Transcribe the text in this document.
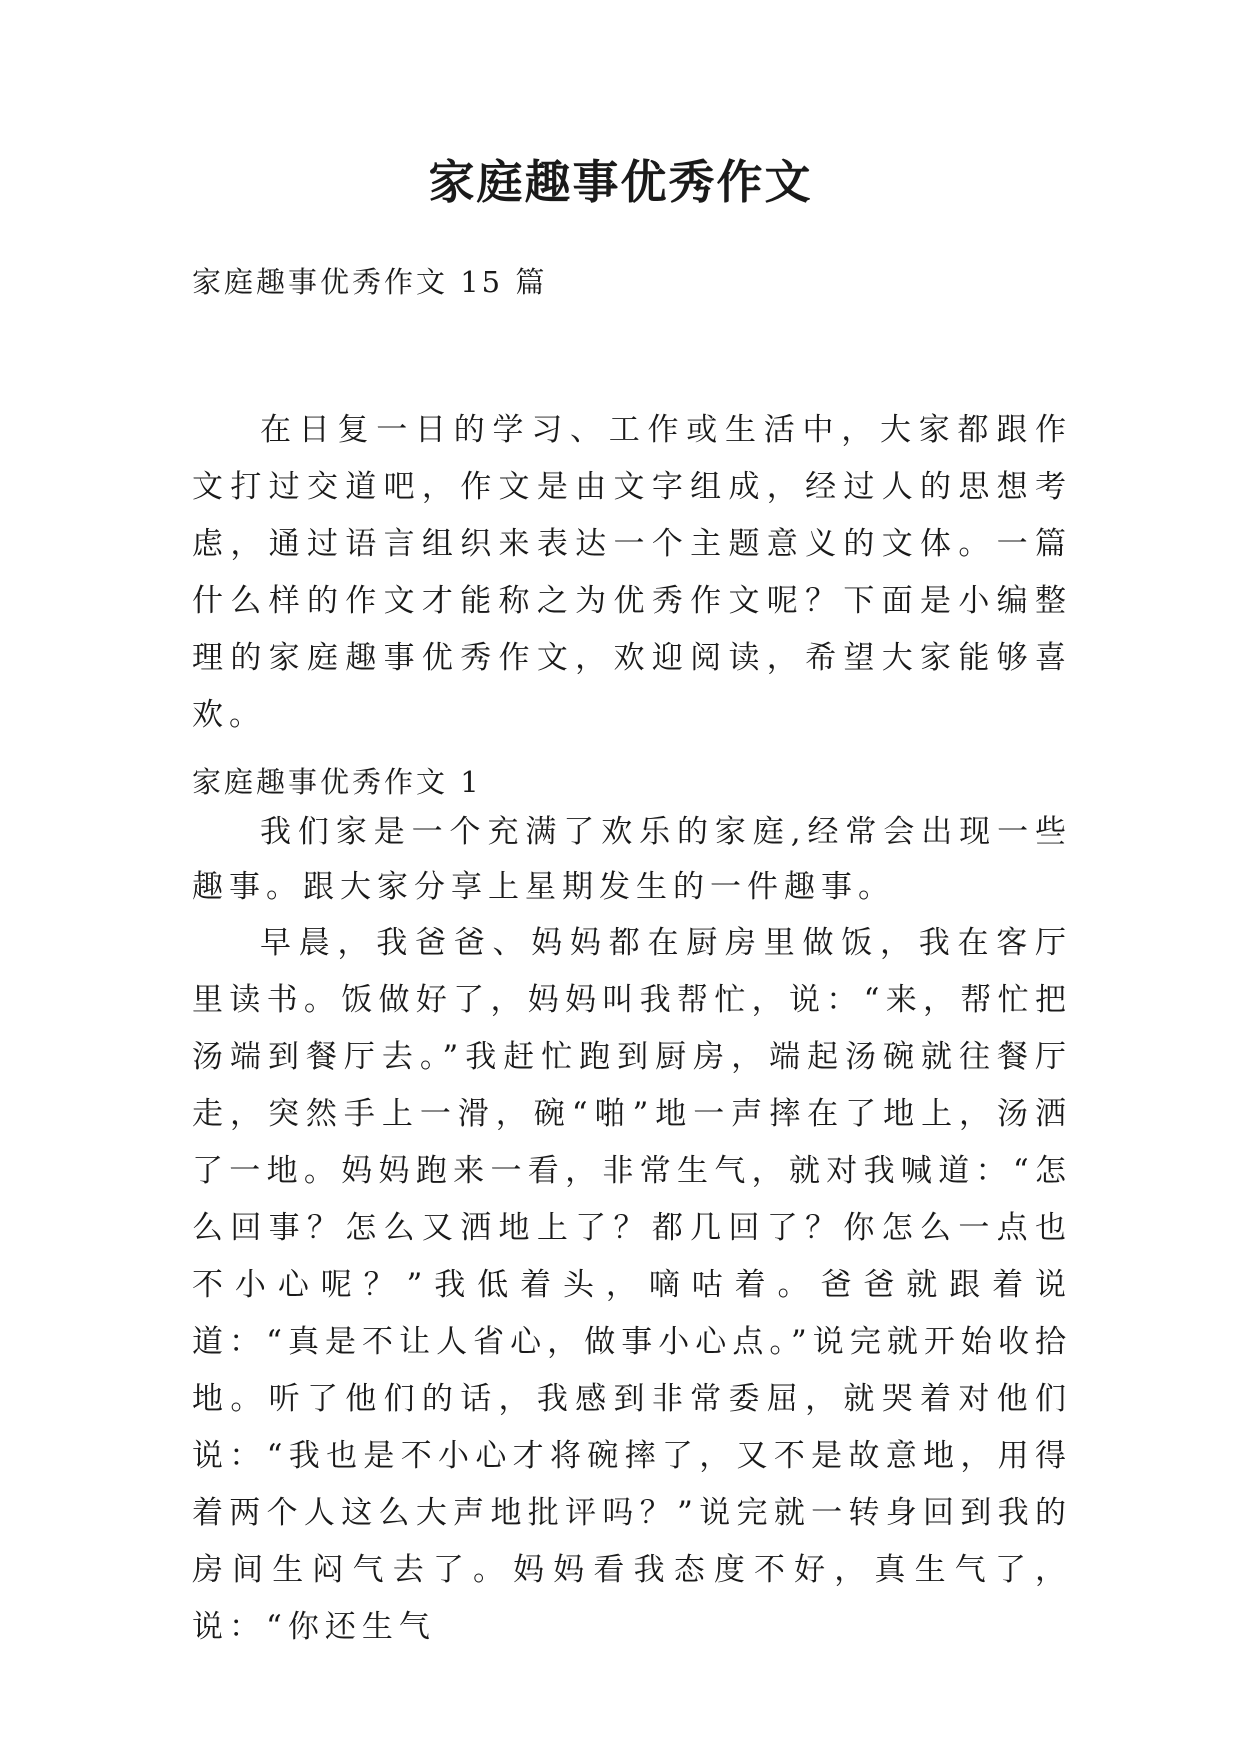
家庭趣事优秀作文

家庭趣事优秀作文 15 篇

在日复一日的学习、工作或生活中，大家都跟作文打过交道吧，作文是由文字组成，经过人的思想考虑，通过语言组织来表达一个主题意义的文体。一篇什么样的作文才能称之为优秀作文呢？下面是小编整理的家庭趣事优秀作文，欢迎阅读，希望大家能够喜欢。

家庭趣事优秀作文 1

我们家是一个充满了欢乐的家庭,经常会出现一些趣事。跟大家分享上星期发生的一件趣事。

早晨，我爸爸、妈妈都在厨房里做饭，我在客厅里读书。饭做好了，妈妈叫我帮忙，说：“来，帮忙把汤端到餐厅去。”我赶忙跑到厨房，端起汤碗就往餐厅走，突然手上一滑，碗“啪”地一声摔在了地上，汤洒了一地。妈妈跑来一看，非常生气，就对我喊道：“怎么回事？怎么又洒地上了？都几回了？你怎么一点也不小心呢？”我低着头，嘀咕着。爸爸就跟着说道：“真是不让人省心，做事小心点。”说完就开始收拾地。听了他们的话，我感到非常委屈，就哭着对他们说：“我也是不小心才将碗摔了，又不是故意地，用得着两个人这么大声地批评吗？”说完就一转身回到我的房间生闷气去了。妈妈看我态度不好，真生气了，说：“你还生气
